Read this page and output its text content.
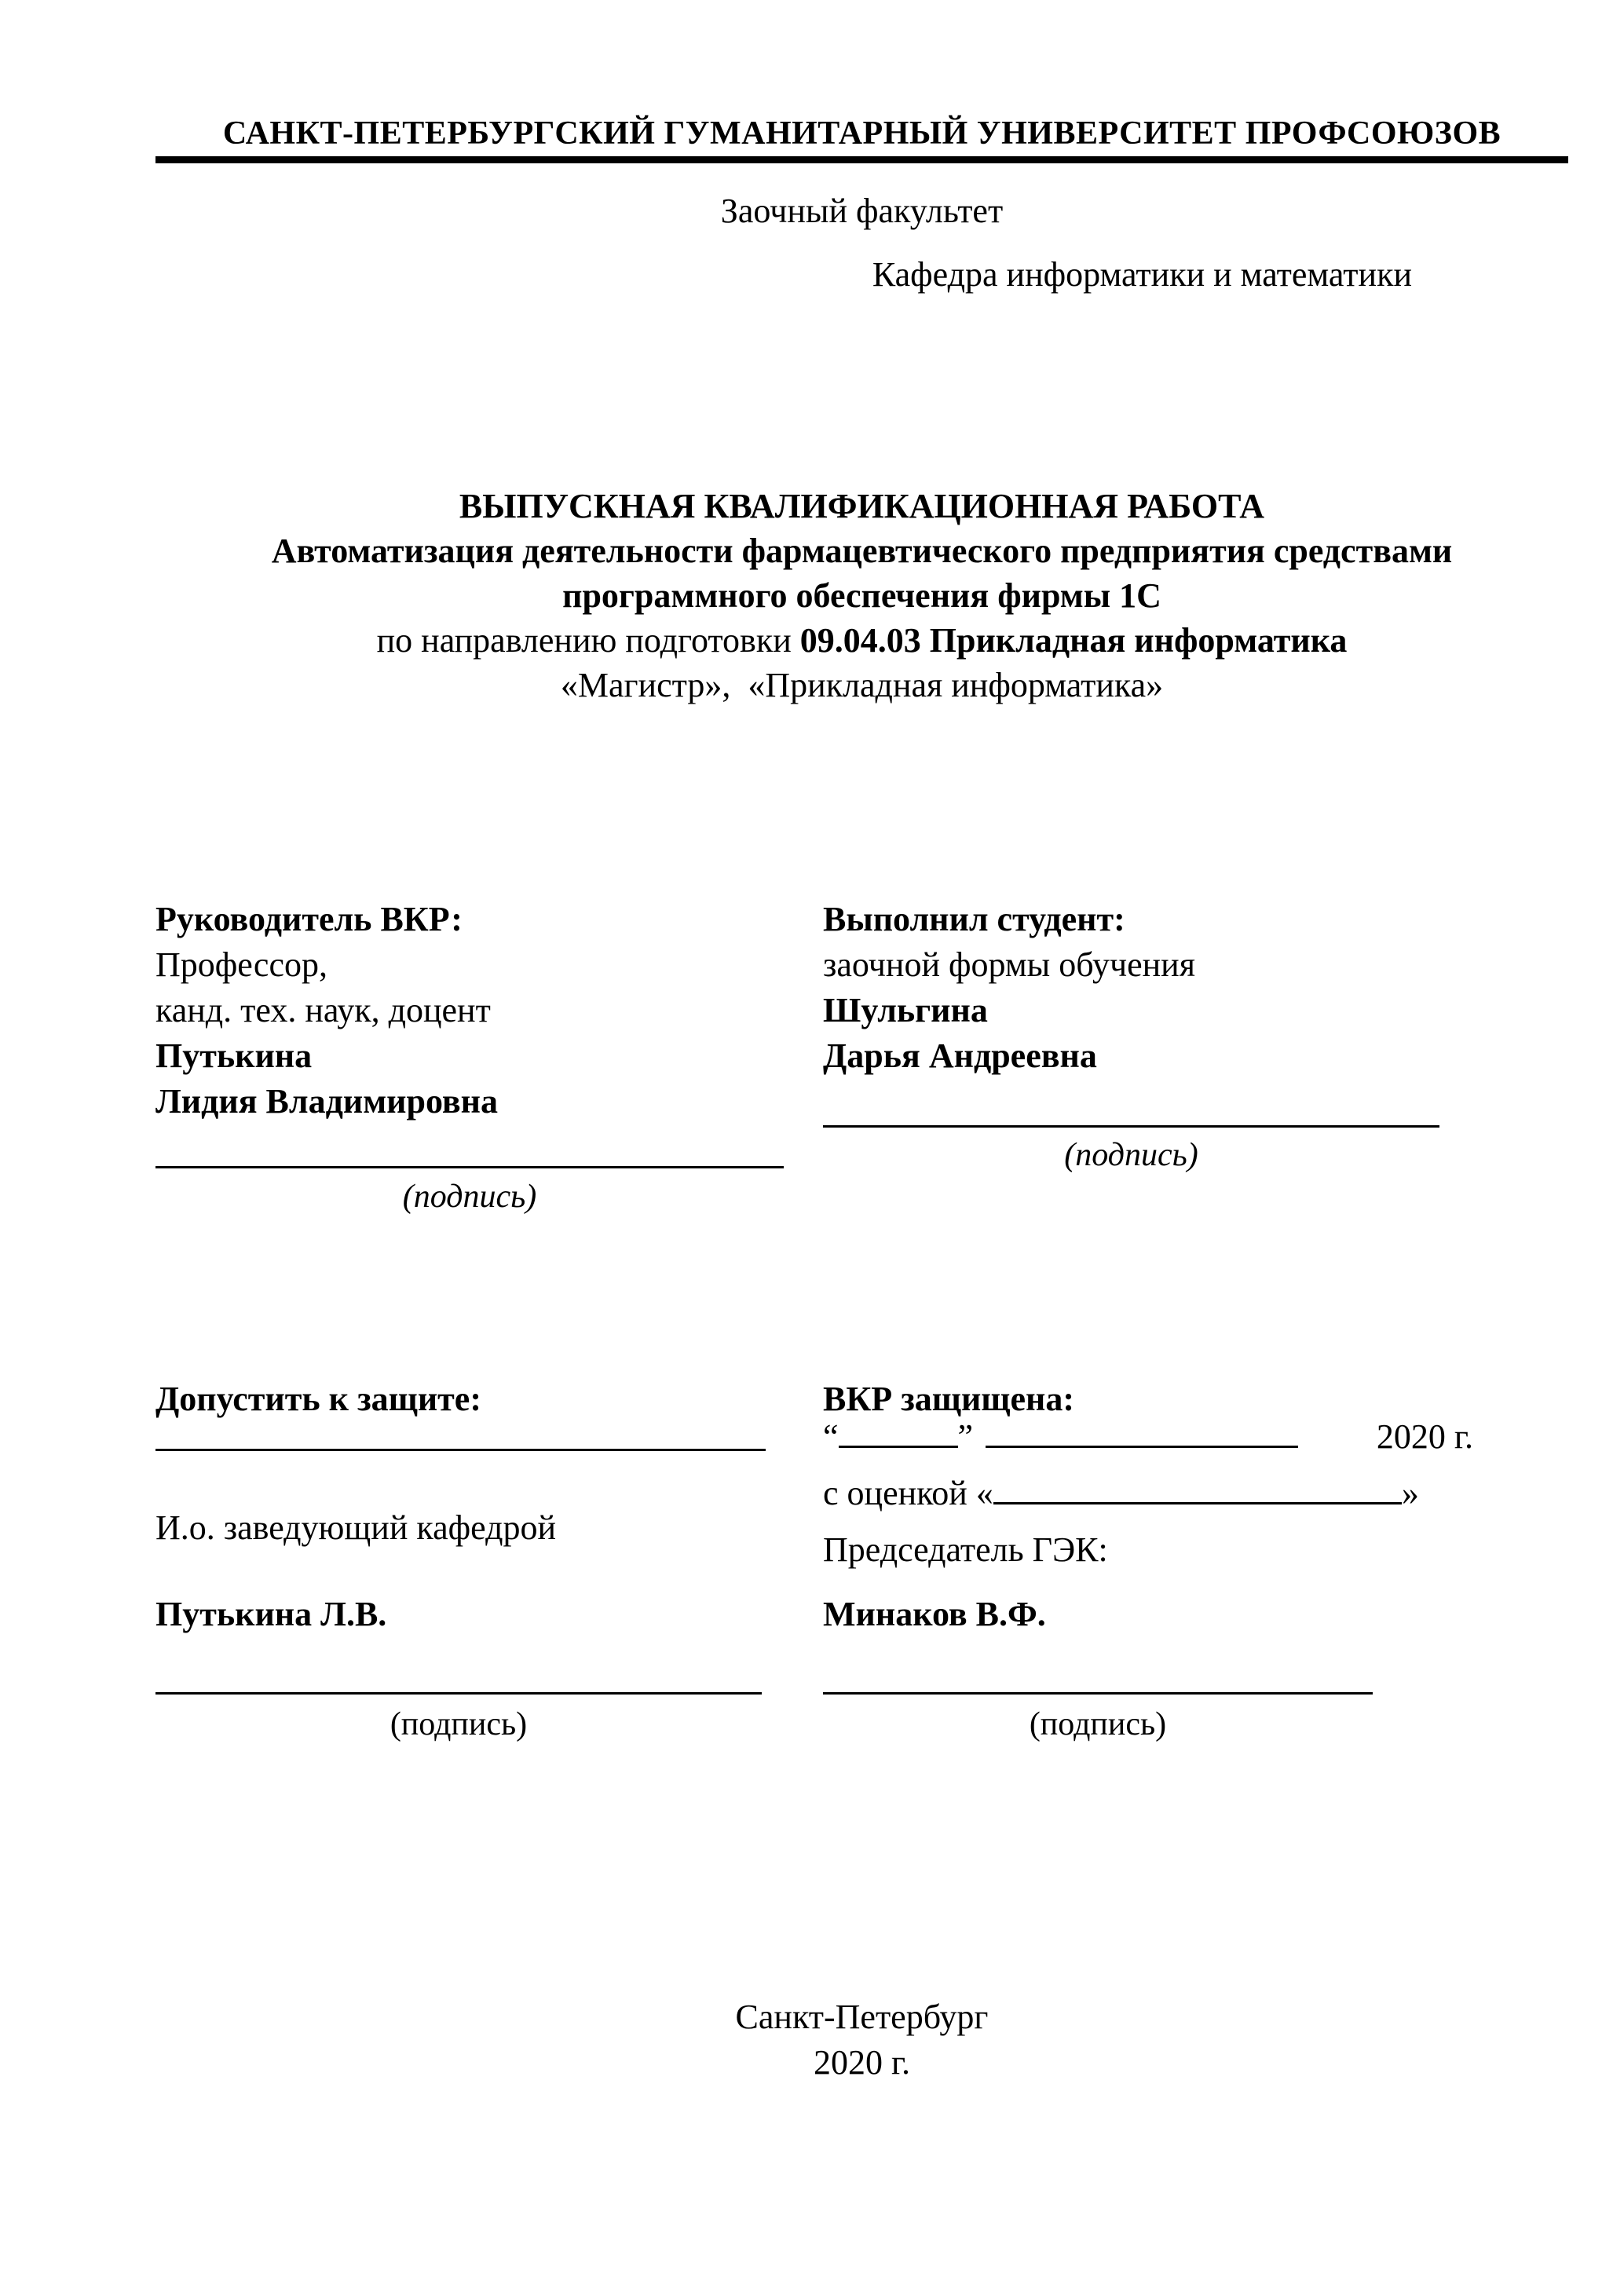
САНКТ-ПЕТЕРБУРГСКИЙ ГУМАНИТАРНЫЙ УНИВЕРСИТЕТ ПРОФСОЮЗОВ
Заочный факультет
Кафедра информатики и математики
ВЫПУСКНАЯ КВАЛИФИКАЦИОННАЯ РАБОТА
Автоматизация деятельности фармацевтического предприятия средствами
программного обеспечения фирмы 1С
по направлению подготовки 09.04.03 Прикладная информатика
«Магистр»,  «Прикладная информатика»
Руководитель ВКР:
Профессор,
канд. тех. наук, доцент
Путькина
Лидия Владимировна
(подпись)
Выполнил студент:
заочной формы обучения
Шульгина
Дарья Андреевна
(подпись)
Допустить к защите:
И.о. заведующий кафедрой
Путькина Л.В.
(подпись)
ВКР защищена:
“	”	2020 г.
с оценкой «	»
Председатель ГЭК:
Минаков В.Ф.
(подпись)
Санкт-Петербург
2020 г.
